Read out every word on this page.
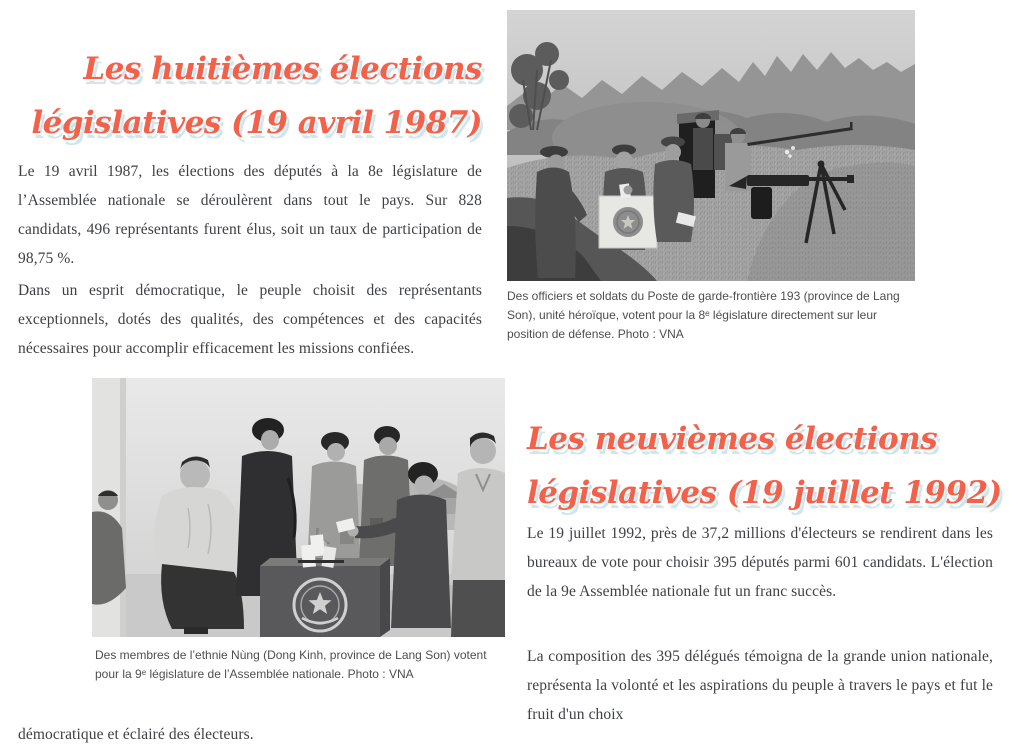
Les huitièmes élections
législatives (19 avril 1987)

Le 19 avril 1987, les élections des députés à la 8e législature de l’Assemblée nationale se déroulèrent dans tout le pays. Sur 828 candidats, 496 représentants furent élus, soit un taux de participation de 98,75 %.

Dans un esprit démocratique, le peuple choisit des représentants exceptionnels, dotés des qualités, des compétences et des capacités nécessaires pour accomplir efficacement les missions confiées.

Des officiers et soldats du Poste de garde-frontière 193 (province de Lang Son), unité héroïque, votent pour la 8ᵉ législature directement sur leur position de défense. Photo : VNA
Les neuvièmes élections
législatives (19 juillet 1992)

Le 19 juillet 1992, près de 37,2 millions d'électeurs se rendirent dans les bureaux de vote pour choisir 395 députés parmi 601 candidats. L'élection de la 9e Assemblée nationale fut un franc succès.

La composition des 395 délégués témoigna de la grande union nationale, représenta la volonté et les aspirations du peuple à travers le pays et fut le fruit d'un choix

Des membres de l’ethnie Nùng (Dong Kinh, province de Lang Son) votent pour la 9ᵉ législature de l’Assemblée nationale. Photo : VNA

démocratique et éclairé des électeurs.
